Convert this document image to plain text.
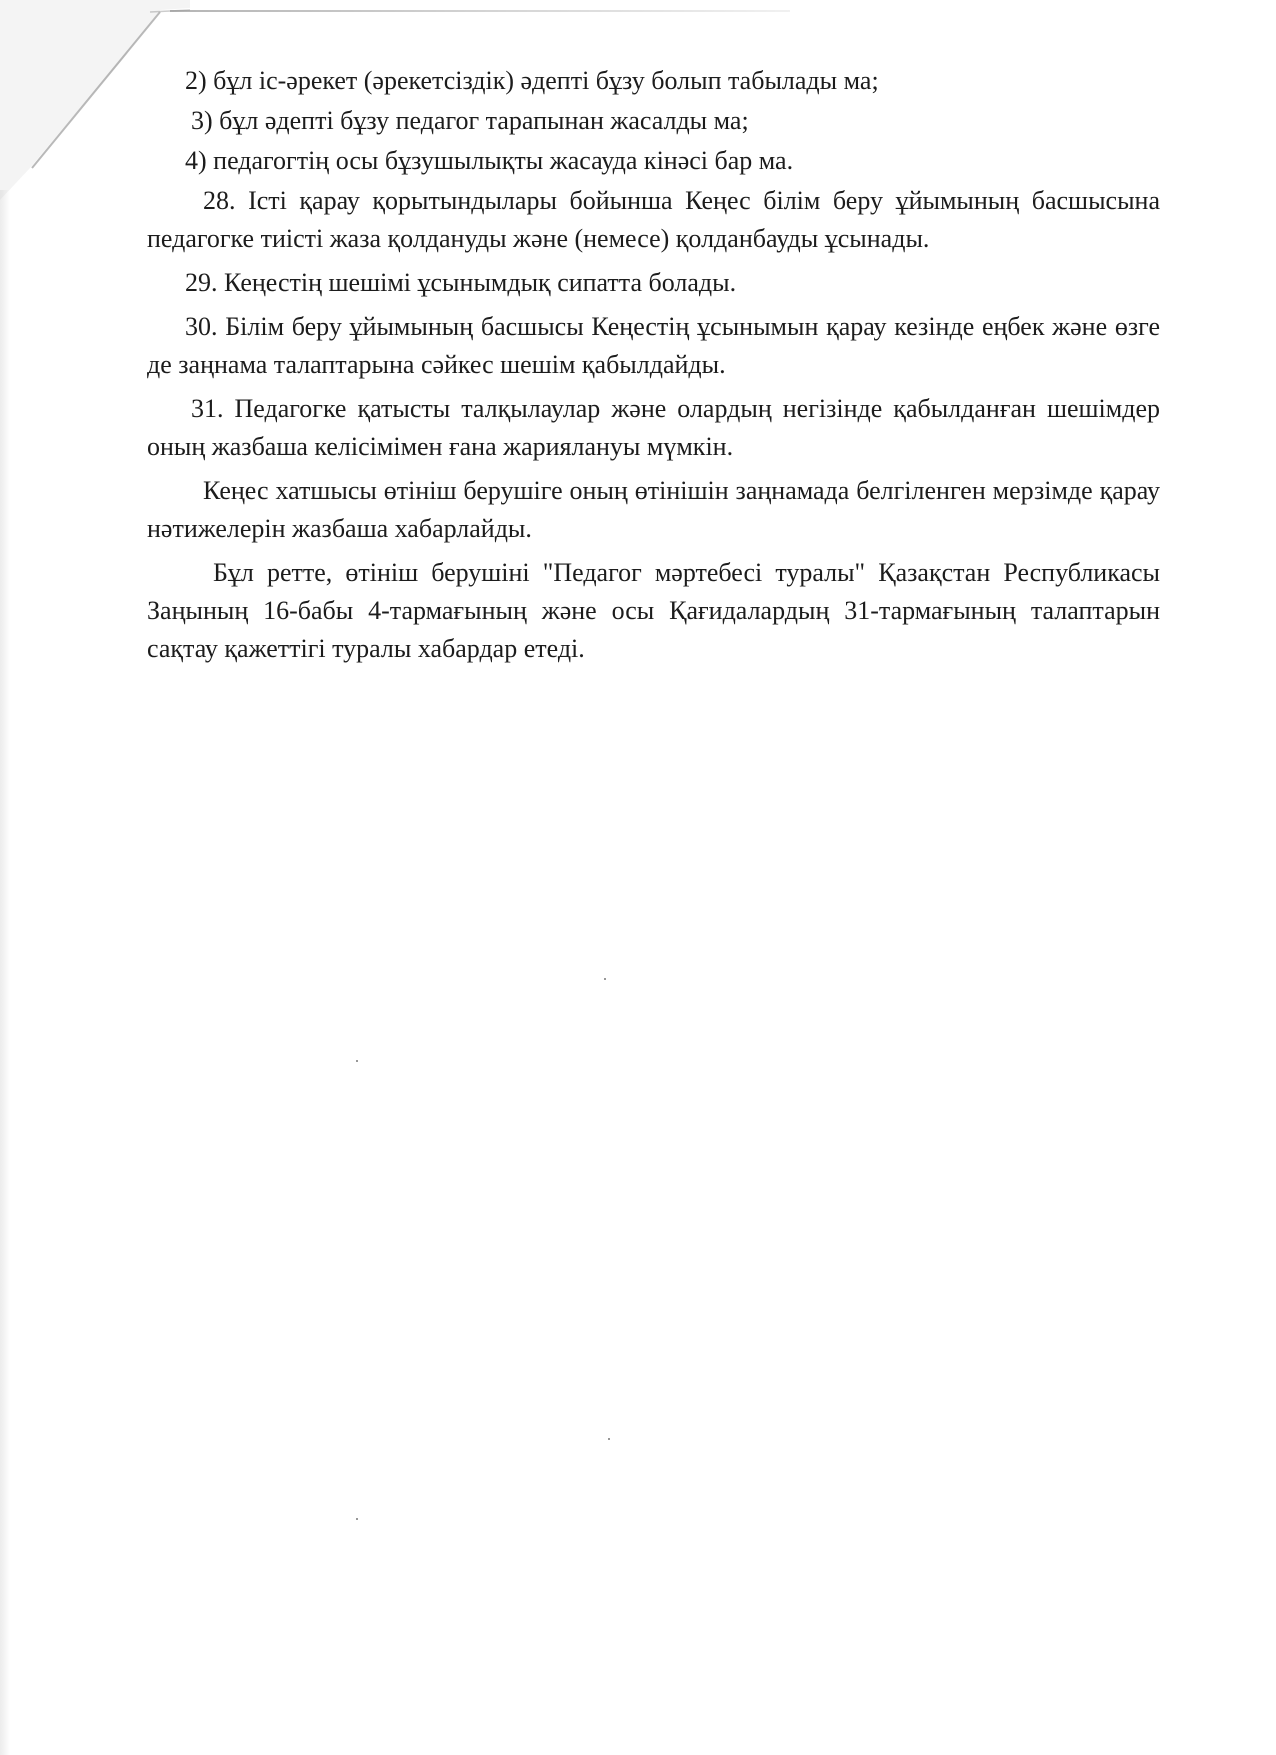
2) бұл іс-әрекет (әрекетсіздік) әдепті бұзу болып табылады ма;

3) бұл әдепті бұзу педагог тарапынан жасалды ма;

4) педагогтің осы бұзушылықты жасауда кінәсі бар ма.

28. Істі қарау қорытындылары бойынша Кеңес білім беру ұйымының басшысына педагогке тиісті жаза қолдануды және (немесе) қолданбауды ұсынады.

29. Кеңестің шешімі ұсынымдық сипатта болады.

30. Білім беру ұйымының басшысы Кеңестің ұсынымын қарау кезінде еңбек және өзге де заңнама талаптарына сәйкес шешім қабылдайды.

31. Педагогке қатысты талқылаулар және олардың негізінде қабылданған шешімдер оның жазбаша келісімімен ғана жариялануы мүмкін.

Кеңес хатшысы өтініш берушіге оның өтінішін заңнамада белгіленген мерзімде қарау нәтижелерін жазбаша хабарлайды.

Бұл ретте, өтініш берушіні "Педагог мәртебесі туралы" Қазақстан Республикасы Заңының 16-бабы 4-тармағының және осы Қағидалардың 31-тармағының талаптарын сақтау қажеттігі туралы хабардар етеді.
